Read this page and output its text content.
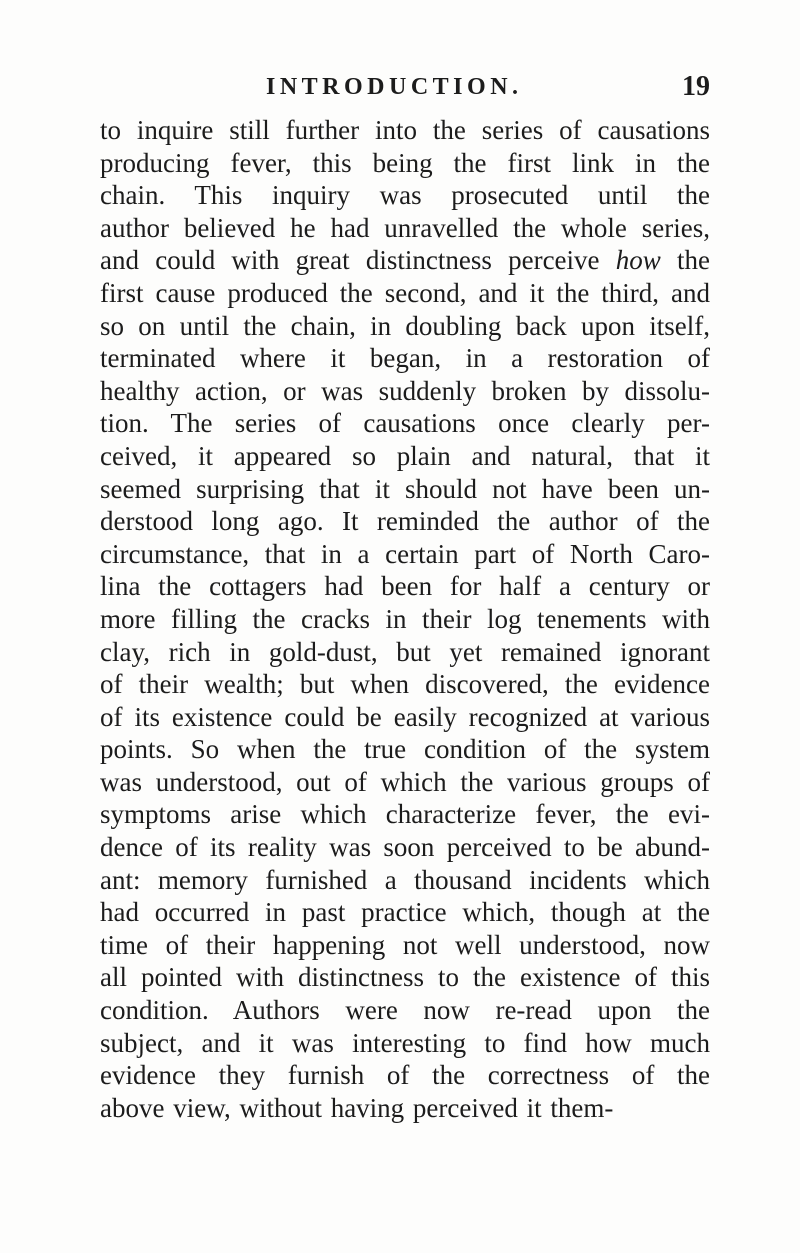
INTRODUCTION.	19
to inquire still further into the series of causations
producing fever, this being the first link in the
chain. This inquiry was prosecuted until the
author believed he had unravelled the whole series,
and could with great distinctness perceive how the
first cause produced the second, and it the third, and
so on until the chain, in doubling back upon itself,
terminated where it began, in a restoration of
healthy action, or was suddenly broken by dissolu-
tion. The series of causations once clearly per-
ceived, it appeared so plain and natural, that it
seemed surprising that it should not have been un-
derstood long ago. It reminded the author of the
circumstance, that in a certain part of North Caro-
lina the cottagers had been for half a century or
more filling the cracks in their log tenements with
clay, rich in gold-dust, but yet remained ignorant
of their wealth; but when discovered, the evidence
of its existence could be easily recognized at various
points. So when the true condition of the system
was understood, out of which the various groups of
symptoms arise which characterize fever, the evi-
dence of its reality was soon perceived to be abund-
ant: memory furnished a thousand incidents which
had occurred in past practice which, though at the
time of their happening not well understood, now
all pointed with distinctness to the existence of this
condition. Authors were now re-read upon the
subject, and it was interesting to find how much
evidence they furnish of the correctness of the
above view, without having perceived it them-
